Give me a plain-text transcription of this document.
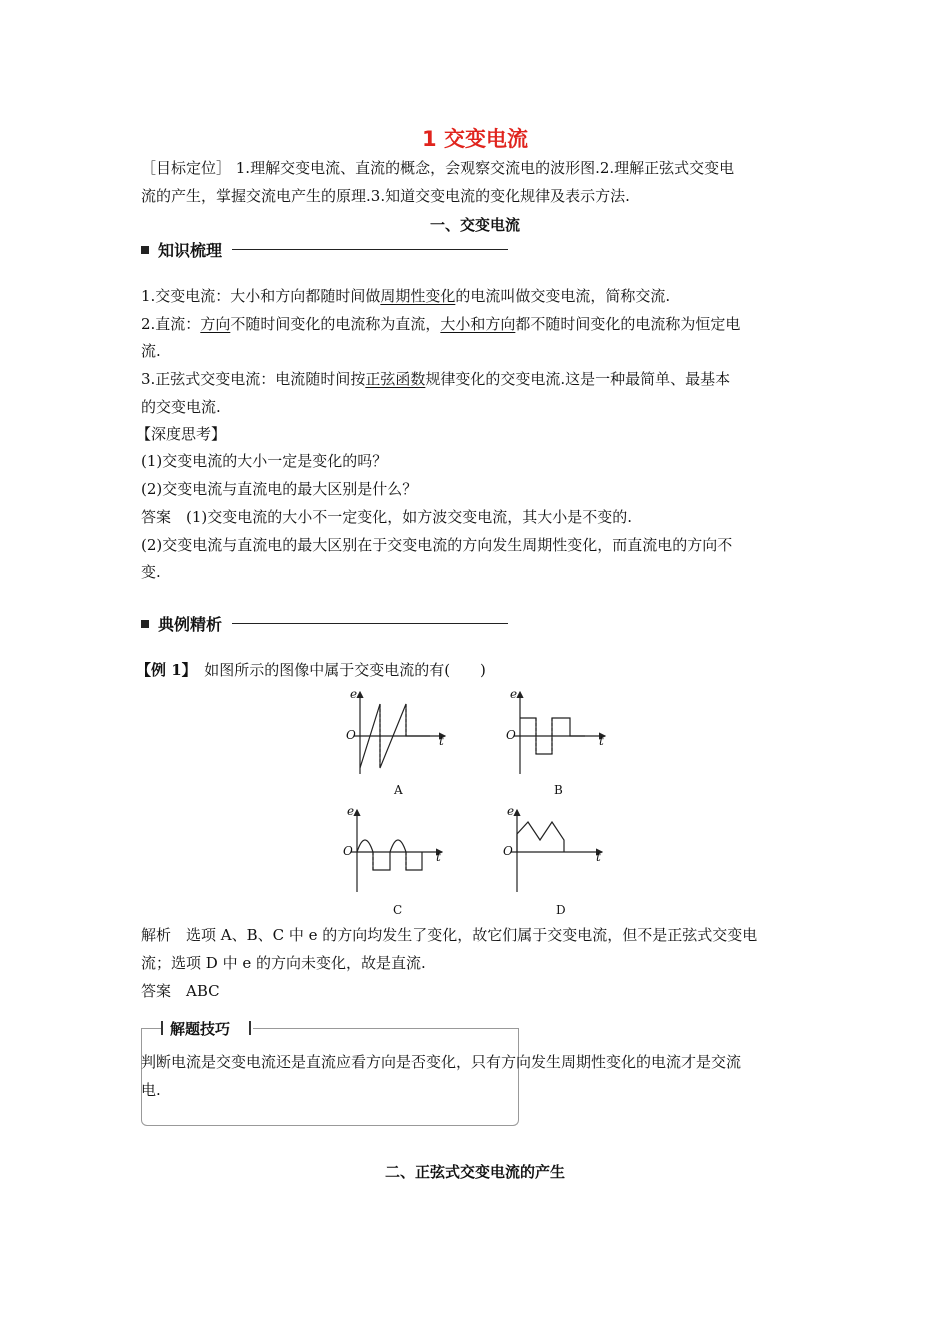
1 交变电流
［目标定位］ 1.理解交变电流、直流的概念，会观察交流电的波形图.2.理解正弦式交变电
流的产生，掌握交流电产生的原理.3.知道交变电流的变化规律及表示方法.
一、交变电流
知识梳理
1.交变电流：大小和方向都随时间做周期性变化的电流叫做交变电流，简称交流.
2.直流：方向不随时间变化的电流称为直流，大小和方向都不随时间变化的电流称为恒定电
流.
3.正弦式交变电流：电流随时间按正弦函数规律变化的交变电流.这是一种最简单、最基本
的交变电流.
【深度思考】
(1)交变电流的大小一定是变化的吗？
(2)交变电流与直流电的最大区别是什么？
答案　(1)交变电流的大小不一定变化，如方波交变电流，其大小是不变的.
(2)交变电流与直流电的最大区别在于交变电流的方向发生周期性变化，而直流电的方向不
变.
典例精析
【例 1】　 如图所示的图像中属于交变电流的有(　　)
e
t
O
A
e
t
O
B
e
t
O
C
e
t
O
D
解析　选项 A、B、C 中 e 的方向均发生了变化，故它们属于交变电流，但不是正弦式交变电
流；选项 D 中 e 的方向未变化，故是直流.
答案　ABC
解题技巧
判断电流是交变电流还是直流应看方向是否变化，只有方向发生周期性变化的电流才是交流
电.
二、正弦式交变电流的产生
